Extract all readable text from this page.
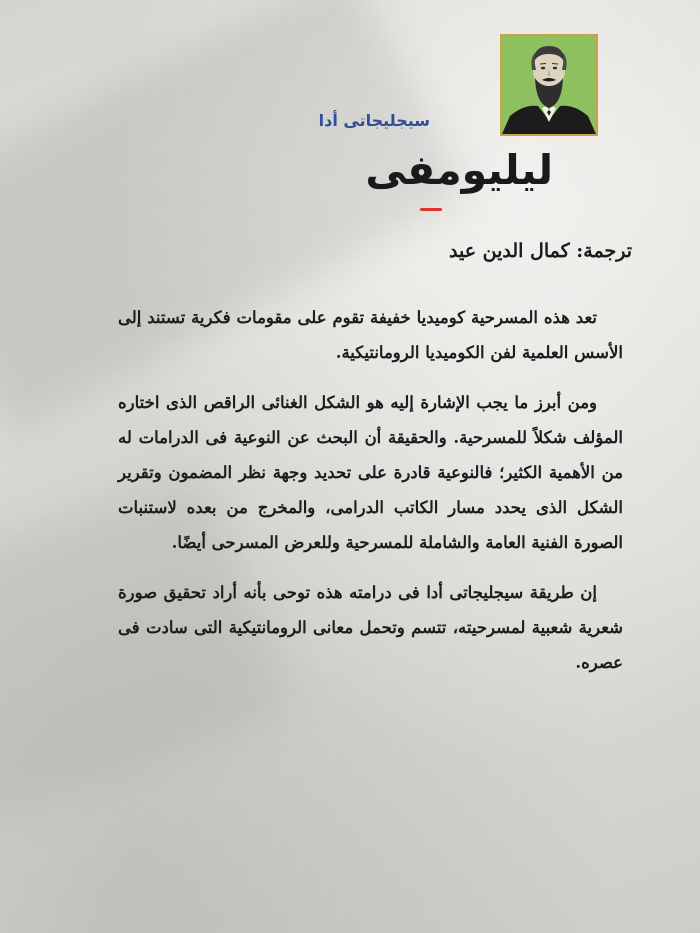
سيجليجاتى أدا
ليليومفى
ترجمة: كمال الدين عيد

تعد هذه المسرحية كوميديا خفيفة تقوم على مقومات فكرية تستند إلى الأسس العلمية لفن الكوميديا الرومانتيكية.

ومن أبرز ما يجب الإشارة إليه هو الشكل الغنائى الراقص الذى اختاره المؤلف شكلاً للمسرحية. والحقيقة أن البحث عن النوعية فى الدرامات له من الأهمية الكثير؛ فالنوعية قادرة على تحديد وجهة نظر المضمون وتقرير الشكل الذى يحدد مسار الكاتب الدرامى، والمخرج من بعده لاستنبات الصورة الفنية العامة والشاملة للمسرحية وللعرض المسرحى أيضًا.

إن طريقة سيجليجاتى أدا فى درامته هذه توحى بأنه أراد تحقيق صورة شعرية شعبية لمسرحيته، تتسم وتحمل معانى الرومانتيكية التى سادت فى عصره.
